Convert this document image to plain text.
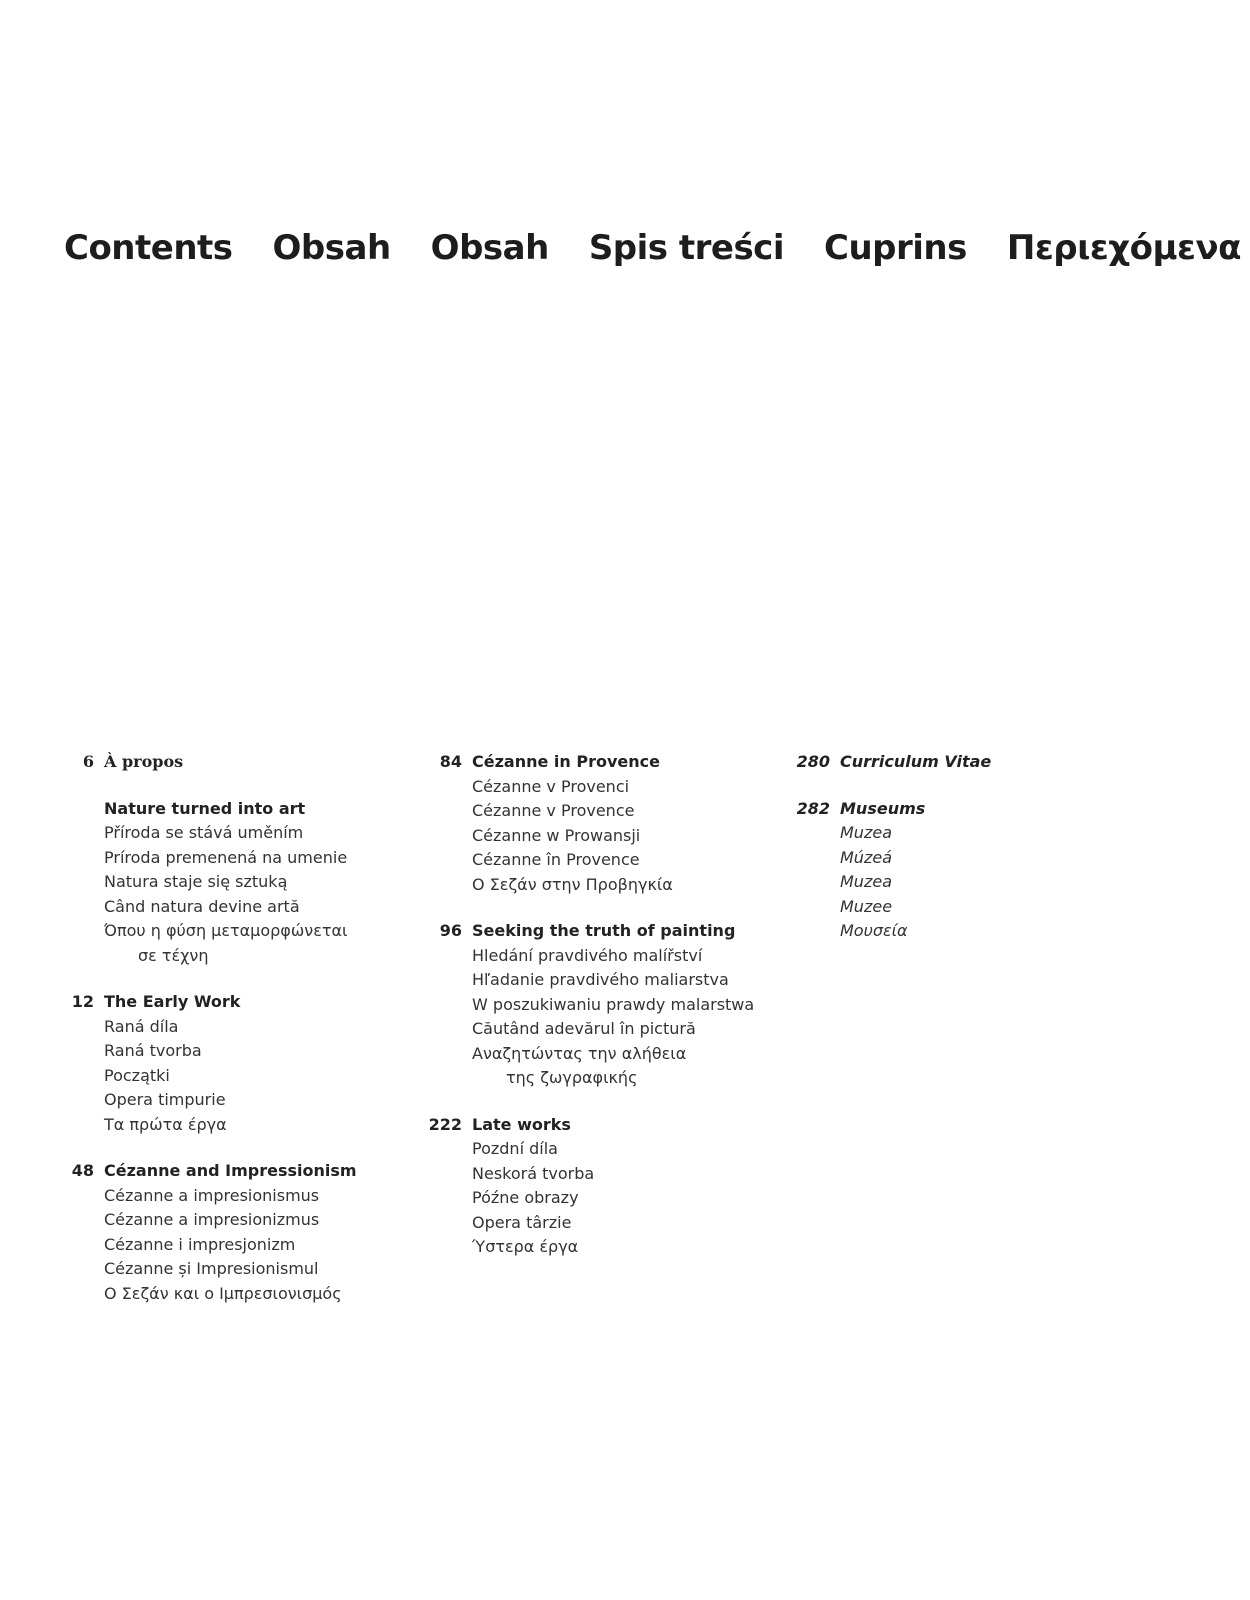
Contents Obsah Obsah Spis treści Cuprins Περιεχόμενα
6 À propos
Nature turned into art
Příroda se stává uměním
Príroda premenená na umenie
Natura staje się sztuką
Când natura devine artă
Όπου η φύση μεταμορφώνεται
σε τέχνη
12 The Early Work
Raná díla
Raná tvorba
Początki
Opera timpurie
Τα πρώτα έργα
48 Cézanne and Impressionism
Cézanne a impresionismus
Cézanne a impresionizmus
Cézanne i impresjonizm
Cézanne și Impresionismul
Ο Σεζάν και ο Ιμπρεσιονισμός
84 Cézanne in Provence
Cézanne v Provenci
Cézanne v Provence
Cézanne w Prowansji
Cézanne în Provence
Ο Σεζάν στην Προβηγκία
96 Seeking the truth of painting
Hledání pravdivého malířství
Hľadanie pravdivého maliarstva
W poszukiwaniu prawdy malarstwa
Căutând adevărul în pictură
Αναζητώντας την αλήθεια
της ζωγραφικής
222 Late works
Pozdní díla
Neskorá tvorba
Późne obrazy
Opera târzie
Ύστερα έργα
280 Curriculum Vitae
282 Museums
Muzea
Múzeá
Muzea
Muzee
Μουσεία
